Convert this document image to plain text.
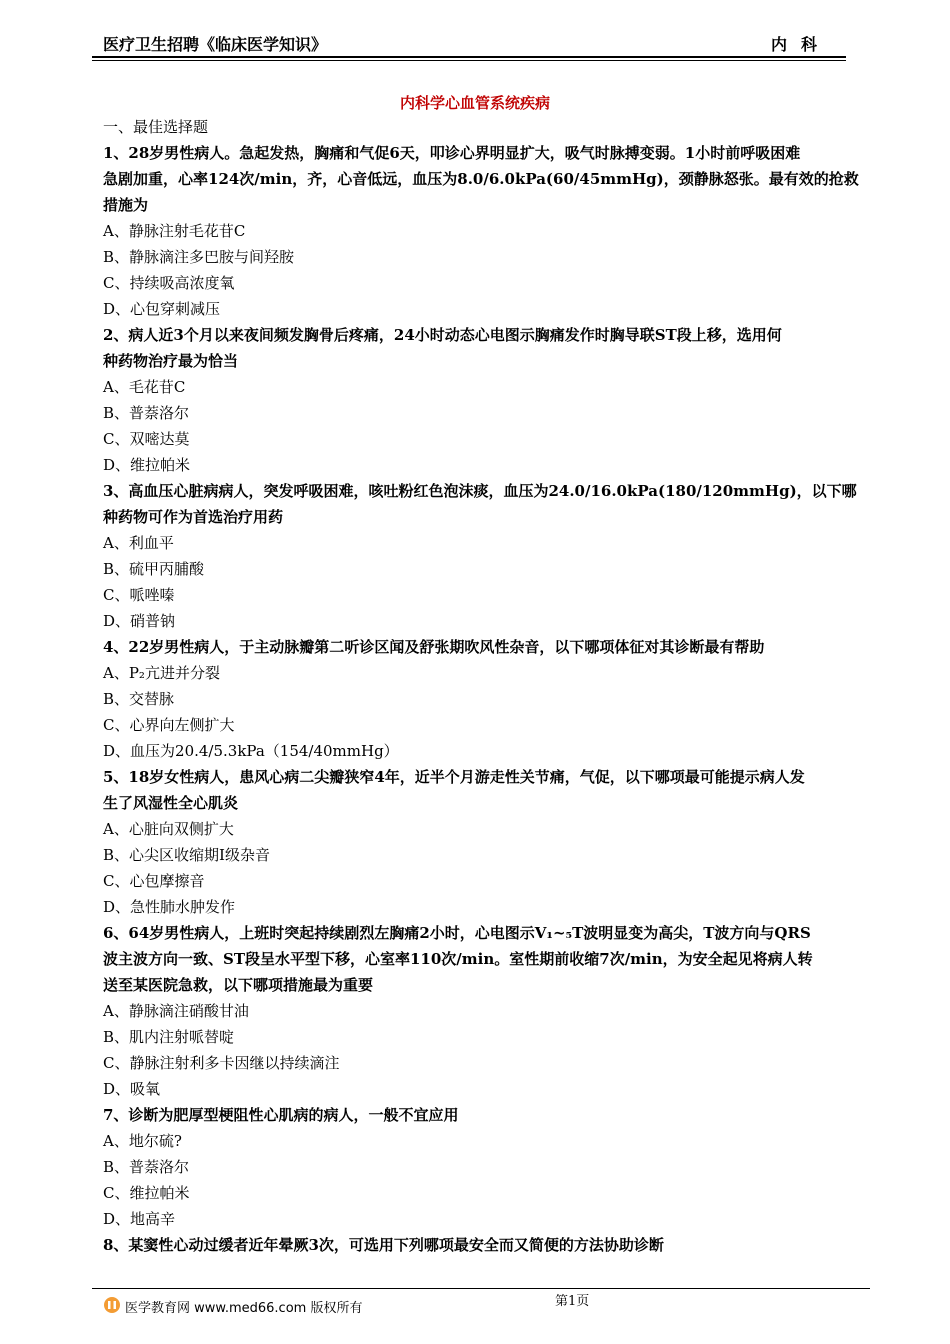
医疗卫生招聘《临床医学知识》	内科
内科学心血管系统疾病
一、最佳选择题
1、28岁男性病人。急起发热，胸痛和气促6天，叩诊心界明显扩大，吸气时脉搏变弱。1小时前呼吸困难
急剧加重，心率124次/min，齐，心音低远，血压为8.0/6.0kPa(60/45mmHg)，颈静脉怒张。最有效的抢救
措施为
A、静脉注射毛花苷C
B、静脉滴注多巴胺与间羟胺
C、持续吸高浓度氧
D、心包穿刺减压
2、病人近3个月以来夜间频发胸骨后疼痛，24小时动态心电图示胸痛发作时胸导联ST段上移，选用何
种药物治疗最为恰当
A、毛花苷C
B、普萘洛尔
C、双嘧达莫
D、维拉帕米
3、高血压心脏病病人，突发呼吸困难，咳吐粉红色泡沫痰，血压为24.0/16.0kPa(180/120mmHg)，以下哪
种药物可作为首选治疗用药
A、利血平
B、硫甲丙脯酸
C、哌唑嗪
D、硝普钠
4、22岁男性病人，于主动脉瓣第二听诊区闻及舒张期吹风性杂音，以下哪项体征对其诊断最有帮助
A、P₂亢进并分裂
B、交替脉
C、心界向左侧扩大
D、血压为20.4/5.3kPa（154/40mmHg）
5、18岁女性病人，患风心病二尖瓣狭窄4年，近半个月游走性关节痛，气促，以下哪项最可能提示病人发
生了风湿性全心肌炎
A、心脏向双侧扩大
B、心尖区收缩期Ⅰ级杂音
C、心包摩擦音
D、急性肺水肿发作
6、64岁男性病人，上班时突起持续剧烈左胸痛2小时，心电图示V₁~₅T波明显变为高尖，T波方向与QRS
波主波方向一致、ST段呈水平型下移，心室率110次/min。室性期前收缩7次/min，为安全起见将病人转
送至某医院急救，以下哪项措施最为重要
A、静脉滴注硝酸甘油
B、肌内注射哌替啶
C、静脉注射利多卡因继以持续滴注
D、吸氧
7、诊断为肥厚型梗阻性心肌病的病人，一般不宜应用
A、地尔硫?
B、普萘洛尔
C、维拉帕米
D、地高辛
8、某窦性心动过缓者近年晕厥3次，可选用下列哪项最安全而又简便的方法协助诊断
第1页
医学教育网 www.med66.com 版权所有
